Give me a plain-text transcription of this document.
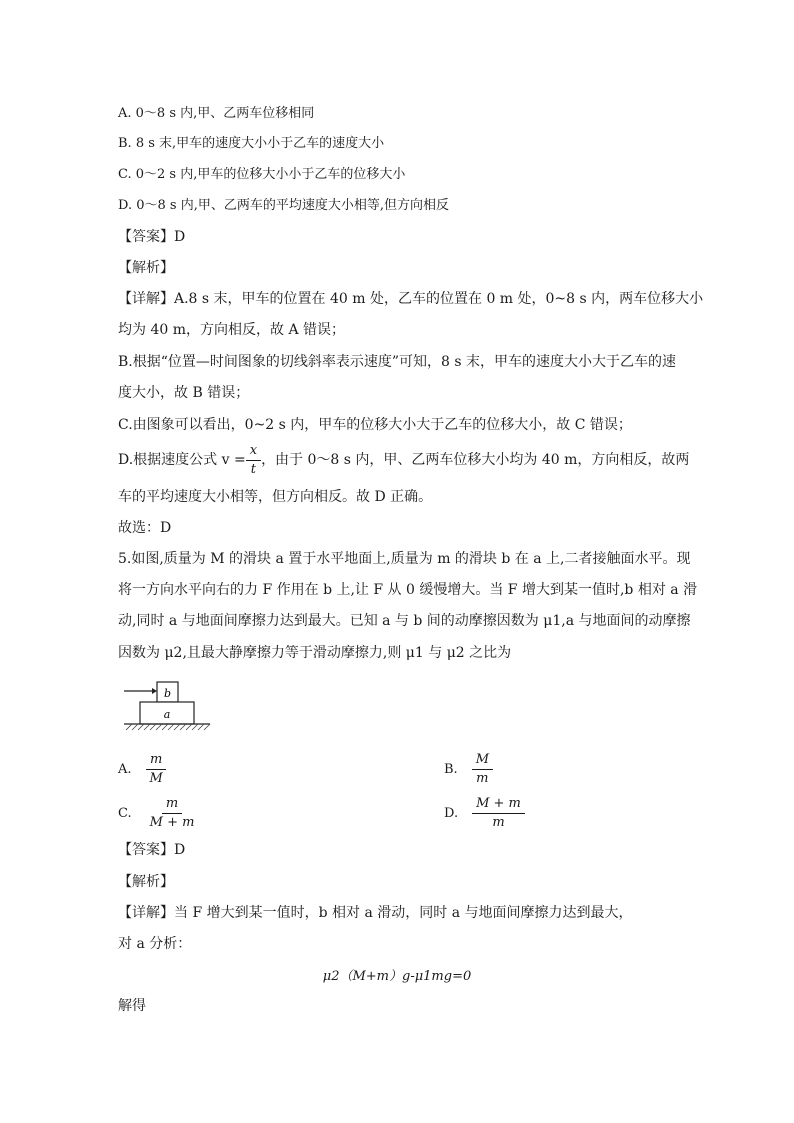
A. 0～8 s 内,甲、乙两车位移相同
B. 8 s 末,甲车的速度大小小于乙车的速度大小
C. 0～2 s 内,甲车的位移大小小于乙车的位移大小
D. 0～8 s 内,甲、乙两车的平均速度大小相等,但方向相反
【答案】D
【解析】
【详解】A.8 s 末，甲车的位置在 40 m 处，乙车的位置在 0 m 处，0~8 s 内，两车位移大小
均为 40 m，方向相反，故 A 错误；
B.根据“位置—时间图象的切线斜率表示速度”可知，8 s 末，甲车的速度大小大于乙车的速
度大小，故 B 错误；
C.由图象可以看出，0~2 s 内，甲车的位移大小大于乙车的位移大小，故 C 错误；
D.根据速度公式 $v = \frac{x}{t}$ ，由于 0～8 s 内，甲、乙两车位移大小均为 40 m，方向相反，故两
车的平均速度大小相等，但方向相反。故 D 正确。
故选：D
5.如图,质量为 M 的滑块 a 置于水平地面上,质量为 m 的滑块 b 在 a 上,二者接触面水平。现
将一方向水平向右的力 F 作用在 b 上,让 F 从 0 缓慢增大。当 F 增大到某一值时,b 相对 a 滑
动,同时 a 与地面间摩擦力达到最大。已知 a 与 b 间的动摩擦因数为 μ1,a 与地面间的动摩擦
因数为 μ2,且最大静摩擦力等于滑动摩擦力,则 μ1 与 μ2 之比为
b
a
A. $\frac{m}{M}$	B. $\frac{M}{m}$
C. $\frac{m}{M + m}$	D. $\frac{M + m}{m}$
【答案】D
【解析】
【详解】当 F 增大到某一值时，b 相对 a 滑动，同时 a 与地面间摩擦力达到最大，
对 a 分析：
μ2（M+m）g-μ1mg=0
解得
